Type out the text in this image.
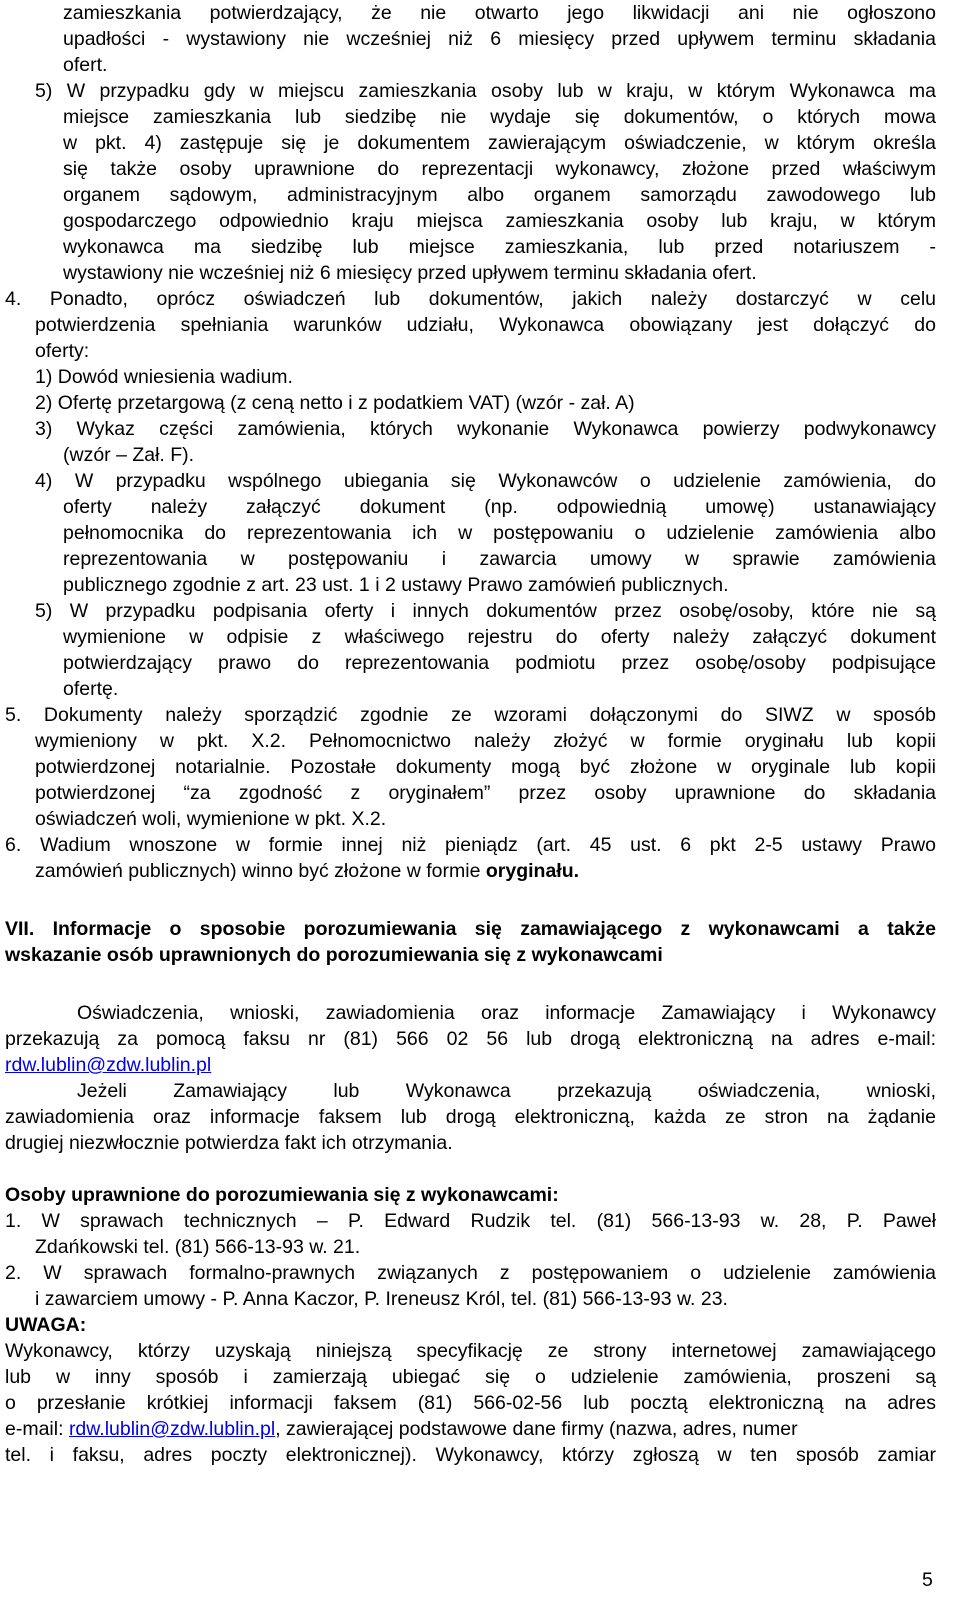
zamieszkania potwierdzający, że nie otwarto jego likwidacji ani nie ogłoszono
upadłości - wystawiony nie wcześniej niż 6 miesięcy przed upływem terminu składania
ofert.
5) W przypadku gdy w miejscu zamieszkania osoby lub w kraju, w którym Wykonawca ma
miejsce zamieszkania lub siedzibę nie wydaje się dokumentów, o których mowa
w pkt. 4) zastępuje się je dokumentem zawierającym oświadczenie, w którym określa
się także osoby uprawnione do reprezentacji wykonawcy, złożone przed właściwym
organem sądowym, administracyjnym albo organem samorządu zawodowego lub
gospodarczego odpowiednio kraju miejsca zamieszkania osoby lub kraju, w którym
wykonawca ma siedzibę lub miejsce zamieszkania, lub przed notariuszem -
wystawiony nie wcześniej niż 6 miesięcy przed upływem terminu składania ofert.
4. Ponadto, oprócz oświadczeń lub dokumentów, jakich należy dostarczyć w celu
potwierdzenia spełniania warunków udziału, Wykonawca obowiązany jest dołączyć do
oferty:
1) Dowód wniesienia wadium.
2) Ofertę przetargową (z ceną netto i z podatkiem VAT) (wzór - zał. A)
3) Wykaz części zamówienia, których wykonanie Wykonawca powierzy podwykonawcy
(wzór – Zał. F).
4) W przypadku wspólnego ubiegania się Wykonawców o udzielenie zamówienia, do
oferty należy załączyć dokument (np. odpowiednią umowę) ustanawiający
pełnomocnika do reprezentowania ich w postępowaniu o udzielenie zamówienia albo
reprezentowania w postępowaniu i zawarcia umowy w sprawie zamówienia
publicznego zgodnie z art. 23 ust. 1 i 2 ustawy Prawo zamówień publicznych.
5) W przypadku podpisania oferty i innych dokumentów przez osobę/osoby, które nie są
wymienione w odpisie z właściwego rejestru do oferty należy załączyć dokument
potwierdzający prawo do reprezentowania podmiotu przez osobę/osoby podpisujące
ofertę.
5. Dokumenty należy sporządzić zgodnie ze wzorami dołączonymi do SIWZ w sposób
wymieniony w pkt. X.2. Pełnomocnictwo należy złożyć w formie oryginału lub kopii
potwierdzonej notarialnie. Pozostałe dokumenty mogą być złożone w oryginale lub kopii
potwierdzonej “za zgodność z oryginałem” przez osoby uprawnione do składania
oświadczeń woli, wymienione w pkt. X.2.
6. Wadium wnoszone w formie innej niż pieniądz (art. 45 ust. 6 pkt 2-5 ustawy Prawo
zamówień publicznych) winno być złożone w formie oryginału.
VII. Informacje o sposobie porozumiewania się zamawiającego z wykonawcami a także
wskazanie osób uprawnionych do porozumiewania się z wykonawcami
Oświadczenia, wnioski, zawiadomienia oraz informacje Zamawiający i Wykonawcy
przekazują za pomocą faksu nr (81) 566 02 56 lub drogą elektroniczną na adres e-mail:
rdw.lublin@zdw.lublin.pl
Jeżeli Zamawiający lub Wykonawca przekazują oświadczenia, wnioski,
zawiadomienia oraz informacje faksem lub drogą elektroniczną, każda ze stron na żądanie
drugiej niezwłocznie potwierdza fakt ich otrzymania.
Osoby uprawnione do porozumiewania się z wykonawcami:
1. W sprawach technicznych – P. Edward Rudzik tel. (81) 566-13-93 w. 28, P. Paweł
Zdańkowski tel. (81) 566-13-93 w. 21.
2. W sprawach formalno-prawnych związanych z postępowaniem o udzielenie zamówienia
i zawarciem umowy - P. Anna Kaczor, P. Ireneusz Król, tel. (81) 566-13-93 w. 23.
UWAGA:
Wykonawcy, którzy uzyskają niniejszą specyfikację ze strony internetowej zamawiającego
lub w inny sposób i zamierzają ubiegać się o udzielenie zamówienia, proszeni są
o przesłanie krótkiej informacji faksem (81) 566-02-56 lub pocztą elektroniczną na adres
e-mail: rdw.lublin@zdw.lublin.pl , zawierającej podstawowe dane firmy (nazwa, adres, numer
tel. i faksu, adres poczty elektronicznej). Wykonawcy, którzy zgłoszą w ten sposób zamiar
5
